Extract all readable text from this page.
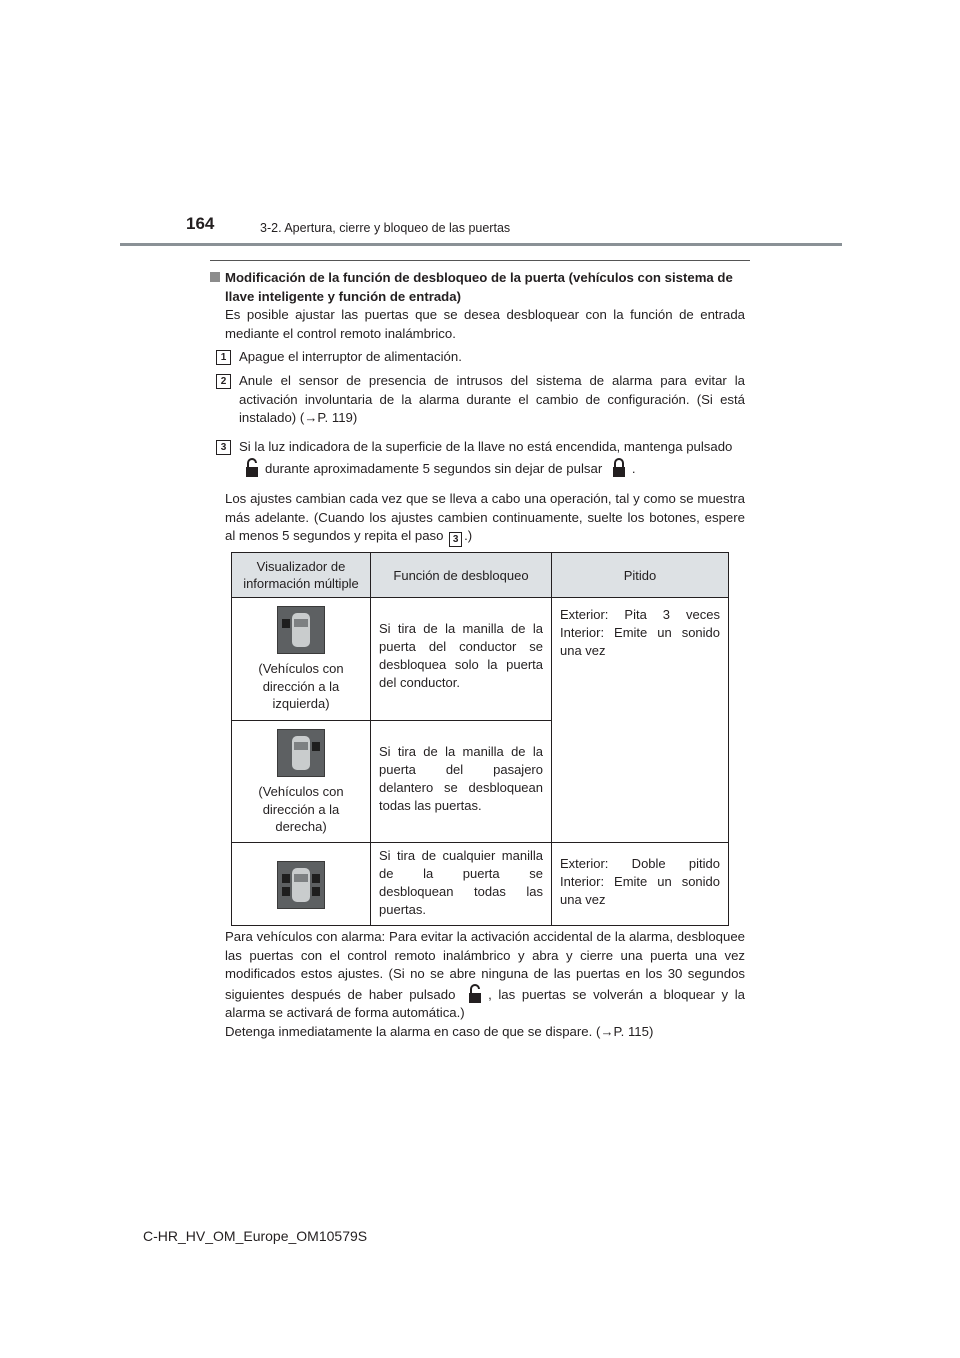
164	3-2. Apertura, cierre y bloqueo de las puertas
Modificación de la función de desbloqueo de la puerta (vehículos con sistema de
llave inteligente y función de entrada)
Es posible ajustar las puertas que se desea desbloquear con la función de entrada mediante el control remoto inalámbrico.
1 Apague el interruptor de alimentación.
2 Anule el sensor de presencia de intrusos del sistema de alarma para evitar la activación involuntaria de la alarma durante el cambio de configuración. (Si está instalado) (→P. 119)
3 Si la luz indicadora de la superficie de la llave no está encendida, mantenga pulsado
durante aproximadamente 5 segundos sin dejar de pulsar .
Los ajustes cambian cada vez que se lleva a cabo una operación, tal y como se muestra más adelante. (Cuando los ajustes cambien continuamente, suelte los botones, espere al menos 5 segundos y repita el paso 3 .)
Visualizador de información múltiple	Función de desbloqueo	Pitido

(Vehículos con dirección a la izquierda)	Si tira de la manilla de la puerta del conductor se desbloquea solo la puerta del conductor.	Exterior: Pita 3 veces Interior: Emite un sonido una vez

(Vehículos con dirección a la derecha)	Si tira de la manilla de la puerta del pasajero delantero se desbloquean todas las puertas.	

	Si tira de cualquier manilla de la puerta se desbloquean todas las puertas.	Exterior: Doble pitido Interior: Emite un sonido una vez
Para vehículos con alarma: Para evitar la activación accidental de la alarma, desbloquee las puertas con el control remoto inalámbrico y abra y cierre una puerta una vez modificados estos ajustes. (Si no se abre ninguna de las puertas en los 30 segundos siguientes después de haber pulsado , las puertas se volverán a bloquear y la alarma se activará de forma automática.)
Detenga inmediatamente la alarma en caso de que se dispare. (→P. 115)
C-HR_HV_OM_Europe_OM10579S
